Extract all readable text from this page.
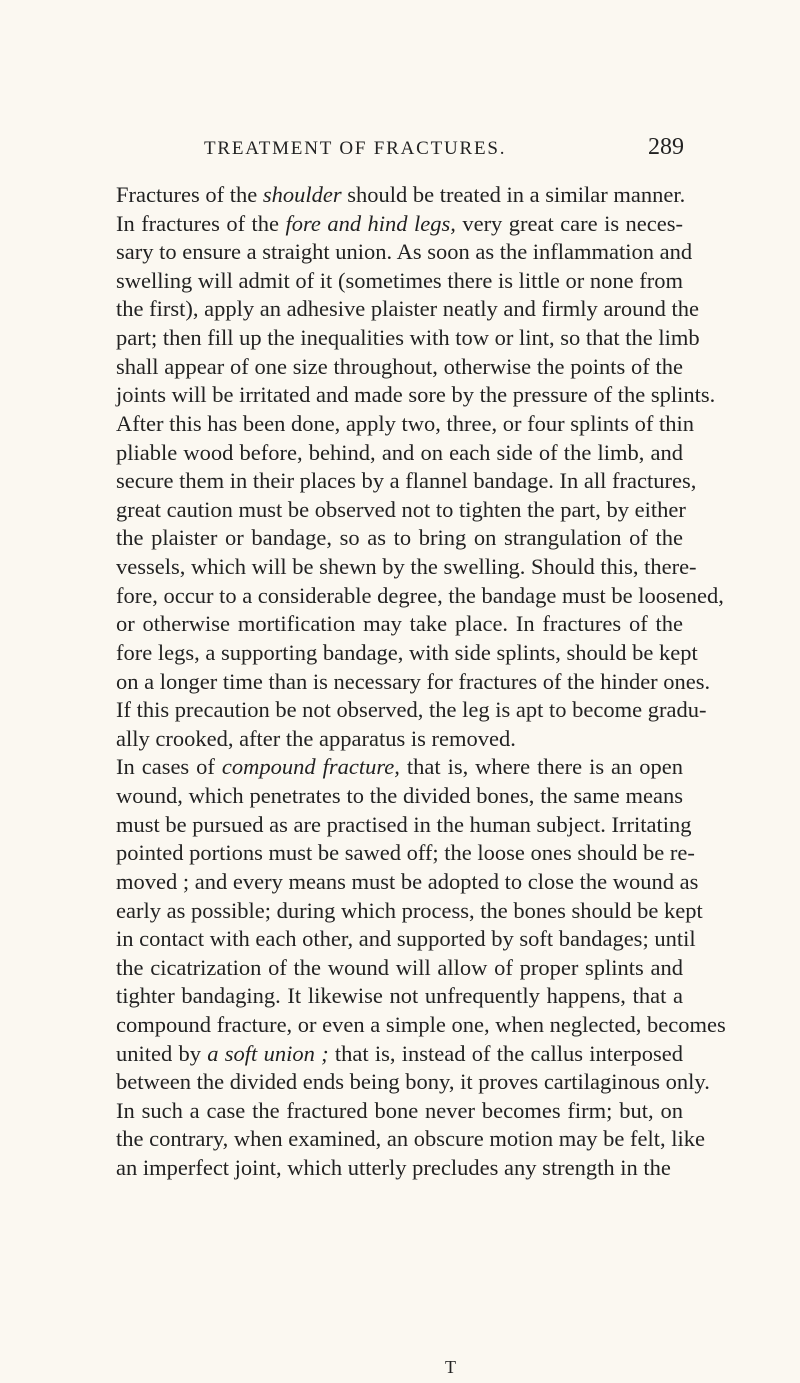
TREATMENT OF FRACTURES.	289
Fractures of the shoulder should be treated in a similar manner.
In fractures of the fore and hind legs, very great care is neces-
sary to ensure a straight union. As soon as the inflammation and
swelling will admit of it (sometimes there is little or none from
the first), apply an adhesive plaister neatly and firmly around the
part; then fill up the inequalities with tow or lint, so that the limb
shall appear of one size throughout, otherwise the points of the
joints will be irritated and made sore by the pressure of the splints.
After this has been done, apply two, three, or four splints of thin
pliable wood before, behind, and on each side of the limb, and
secure them in their places by a flannel bandage. In all fractures,
great caution must be observed not to tighten the part, by either
the plaister or bandage, so as to bring on strangulation of the
vessels, which will be shewn by the swelling. Should this, there-
fore, occur to a considerable degree, the bandage must be loosened,
or otherwise mortification may take place. In fractures of the
fore legs, a supporting bandage, with side splints, should be kept
on a longer time than is necessary for fractures of the hinder ones.
If this precaution be not observed, the leg is apt to become gradu-
ally crooked, after the apparatus is removed.
In cases of compound fracture, that is, where there is an open
wound, which penetrates to the divided bones, the same means
must be pursued as are practised in the human subject. Irritating
pointed portions must be sawed off; the loose ones should be re-
moved ; and every means must be adopted to close the wound as
early as possible; during which process, the bones should be kept
in contact with each other, and supported by soft bandages; until
the cicatrization of the wound will allow of proper splints and
tighter bandaging. It likewise not unfrequently happens, that a
compound fracture, or even a simple one, when neglected, becomes
united by a soft union ; that is, instead of the callus interposed
between the divided ends being bony, it proves cartilaginous only.
In such a case the fractured bone never becomes firm; but, on
the contrary, when examined, an obscure motion may be felt, like
an imperfect joint, which utterly precludes any strength in the
T
